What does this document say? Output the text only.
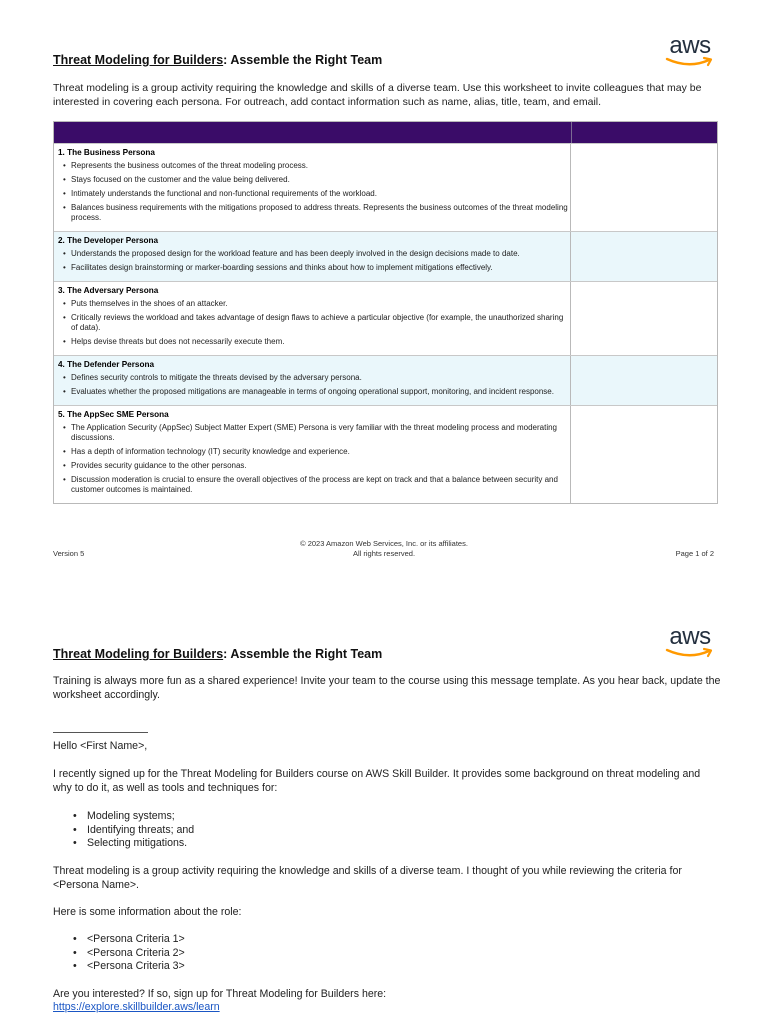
Threat Modeling for Builders: Assemble the Right Team
aws
Threat modeling is a group activity requiring the knowledge and skills of a diverse team. Use this worksheet to invite colleagues that may be interested in covering each persona. For outreach, add contact information such as name, alias, title, team, and email.
1. The Business Persona
• Represents the business outcomes of the threat modeling process.
• Stays focused on the customer and the value being delivered.
• Intimately understands the functional and non-functional requirements of the workload.
• Balances business requirements with the mitigations proposed to address threats. Represents the business outcomes of the threat modeling process.
2. The Developer Persona
• Understands the proposed design for the workload feature and has been deeply involved in the design decisions made to date.
• Facilitates design brainstorming or marker-boarding sessions and thinks about how to implement mitigations effectively.
3. The Adversary Persona
• Puts themselves in the shoes of an attacker.
• Critically reviews the workload and takes advantage of design flaws to achieve a particular objective (for example, the unauthorized sharing of data).
• Helps devise threats but does not necessarily execute them.
4. The Defender Persona
• Defines security controls to mitigate the threats devised by the adversary persona.
• Evaluates whether the proposed mitigations are manageable in terms of ongoing operational support, monitoring, and incident response.
5. The AppSec SME Persona
• The Application Security (AppSec) Subject Matter Expert (SME) Persona is very familiar with the threat modeling process and moderating discussions.
• Has a depth of information technology (IT) security knowledge and experience.
• Provides security guidance to the other personas.
• Discussion moderation is crucial to ensure the overall objectives of the process are kept on track and that a balance between security and customer outcomes is maintained.
© 2023 Amazon Web Services, Inc. or its affiliates.
All rights reserved.
Version 5	Page 1 of 2
Threat Modeling for Builders: Assemble the Right Team
aws
Training is always more fun as a shared experience! Invite your team to the course using this message template. As you hear back, update the worksheet accordingly.
Hello <First Name>,
I recently signed up for the Threat Modeling for Builders course on AWS Skill Builder. It provides some background on threat modeling and why to do it, as well as tools and techniques for:
• Modeling systems;
• Identifying threats; and
• Selecting mitigations.
Threat modeling is a group activity requiring the knowledge and skills of a diverse team. I thought of you while reviewing the criteria for <Persona Name>.
Here is some information about the role:
• <Persona Criteria 1>
• <Persona Criteria 2>
• <Persona Criteria 3>
Are you interested? If so, sign up for Threat Modeling for Builders here:
https://explore.skillbuilder.aws/learn
